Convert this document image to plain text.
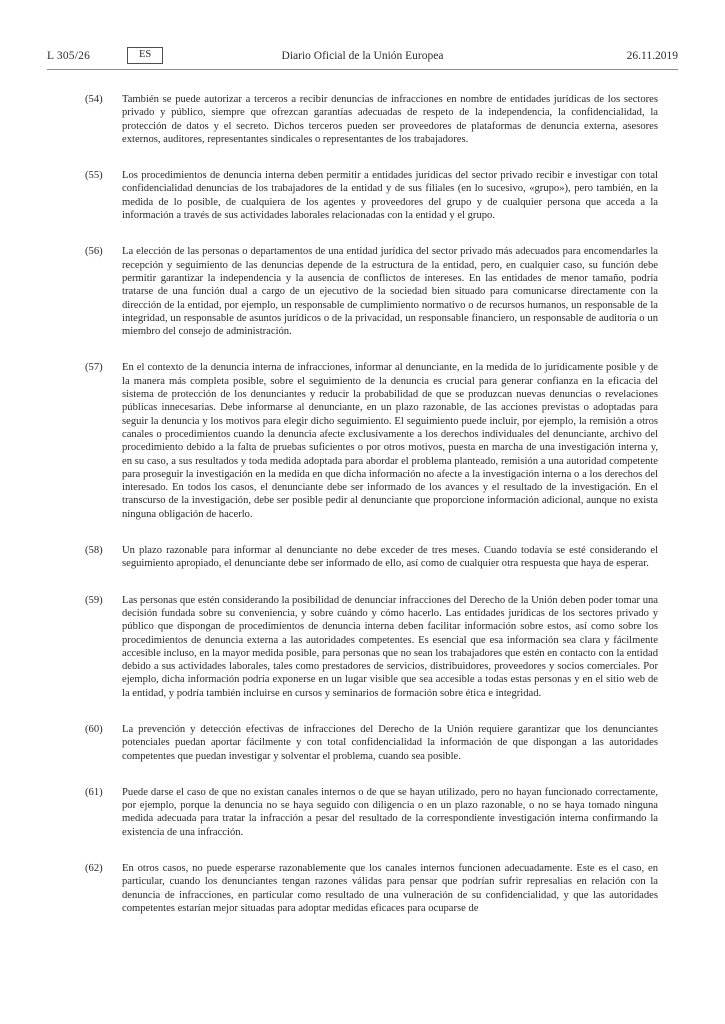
L 305/26	ES	Diario Oficial de la Unión Europea	26.11.2019
(54)	También se puede autorizar a terceros a recibir denuncias de infracciones en nombre de entidades jurídicas de los sectores privado y público, siempre que ofrezcan garantías adecuadas de respeto de la independencia, la confidencialidad, la protección de datos y el secreto. Dichos terceros pueden ser proveedores de plataformas de denuncia externa, asesores externos, auditores, representantes sindicales o representantes de los trabajadores.

(55)	Los procedimientos de denuncia interna deben permitir a entidades jurídicas del sector privado recibir e investigar con total confidencialidad denuncias de los trabajadores de la entidad y de sus filiales (en lo sucesivo, «grupo»), pero también, en la medida de lo posible, de cualquiera de los agentes y proveedores del grupo y de cualquier persona que acceda a la información a través de sus actividades laborales relacionadas con la entidad y el grupo.

(56)	La elección de las personas o departamentos de una entidad jurídica del sector privado más adecuados para encomendarles la recepción y seguimiento de las denuncias depende de la estructura de la entidad, pero, en cualquier caso, su función debe permitir garantizar la independencia y la ausencia de conflictos de intereses. En las entidades de menor tamaño, podría tratarse de una función dual a cargo de un ejecutivo de la sociedad bien situado para comunicarse directamente con la dirección de la entidad, por ejemplo, un responsable de cumplimiento normativo o de recursos humanos, un responsable de la integridad, un responsable de asuntos jurídicos o de la privacidad, un responsable financiero, un responsable de auditoría o un miembro del consejo de administración.

(57)	En el contexto de la denuncia interna de infracciones, informar al denunciante, en la medida de lo jurídicamente posible y de la manera más completa posible, sobre el seguimiento de la denuncia es crucial para generar confianza en la eficacia del sistema de protección de los denunciantes y reducir la probabilidad de que se produzcan nuevas denuncias o revelaciones públicas innecesarias. Debe informarse al denunciante, en un plazo razonable, de las acciones previstas o adoptadas para seguir la denuncia y los motivos para elegir dicho seguimiento. El seguimiento puede incluir, por ejemplo, la remisión a otros canales o procedimientos cuando la denuncia afecte exclusivamente a los derechos individuales del denunciante, archivo del procedimiento debido a la falta de pruebas suficientes o por otros motivos, puesta en marcha de una investigación interna y, en su caso, a sus resultados y toda medida adoptada para abordar el problema planteado, remisión a una autoridad competente para proseguir la investigación en la medida en que dicha información no afecte a la investigación interna o a los derechos del interesado. En todos los casos, el denunciante debe ser informado de los avances y el resultado de la investigación. En el transcurso de la investigación, debe ser posible pedir al denunciante que proporcione información adicional, aunque no exista ninguna obligación de hacerlo.

(58)	Un plazo razonable para informar al denunciante no debe exceder de tres meses. Cuando todavía se esté considerando el seguimiento apropiado, el denunciante debe ser informado de ello, así como de cualquier otra respuesta que haya de esperar.

(59)	Las personas que estén considerando la posibilidad de denunciar infracciones del Derecho de la Unión deben poder tomar una decisión fundada sobre su conveniencia, y sobre cuándo y cómo hacerlo. Las entidades jurídicas de los sectores privado y público que dispongan de procedimientos de denuncia interna deben facilitar información sobre estos, así como sobre los procedimientos de denuncia externa a las autoridades competentes. Es esencial que esa información sea clara y fácilmente accesible incluso, en la mayor medida posible, para personas que no sean los trabajadores que estén en contacto con la entidad debido a sus actividades laborales, tales como prestadores de servicios, distribuidores, proveedores y socios comerciales. Por ejemplo, dicha información podría exponerse en un lugar visible que sea accesible a todas estas personas y en el sitio web de la entidad, y podría también incluirse en cursos y seminarios de formación sobre ética e integridad.

(60)	La prevención y detección efectivas de infracciones del Derecho de la Unión requiere garantizar que los denunciantes potenciales puedan aportar fácilmente y con total confidencialidad la información de que dispongan a las autoridades competentes que puedan investigar y solventar el problema, cuando sea posible.

(61)	Puede darse el caso de que no existan canales internos o de que se hayan utilizado, pero no hayan funcionado correctamente, por ejemplo, porque la denuncia no se haya seguido con diligencia o en un plazo razonable, o no se haya tomado ninguna medida adecuada para tratar la infracción a pesar del resultado de la correspondiente investigación interna confirmando la existencia de una infracción.

(62)	En otros casos, no puede esperarse razonablemente que los canales internos funcionen adecuadamente. Este es el caso, en particular, cuando los denunciantes tengan razones válidas para pensar que podrían sufrir represalias en relación con la denuncia de infracciones, en particular como resultado de una vulneración de su confidencialidad, y que las autoridades competentes estarían mejor situadas para adoptar medidas eficaces para ocuparse de
